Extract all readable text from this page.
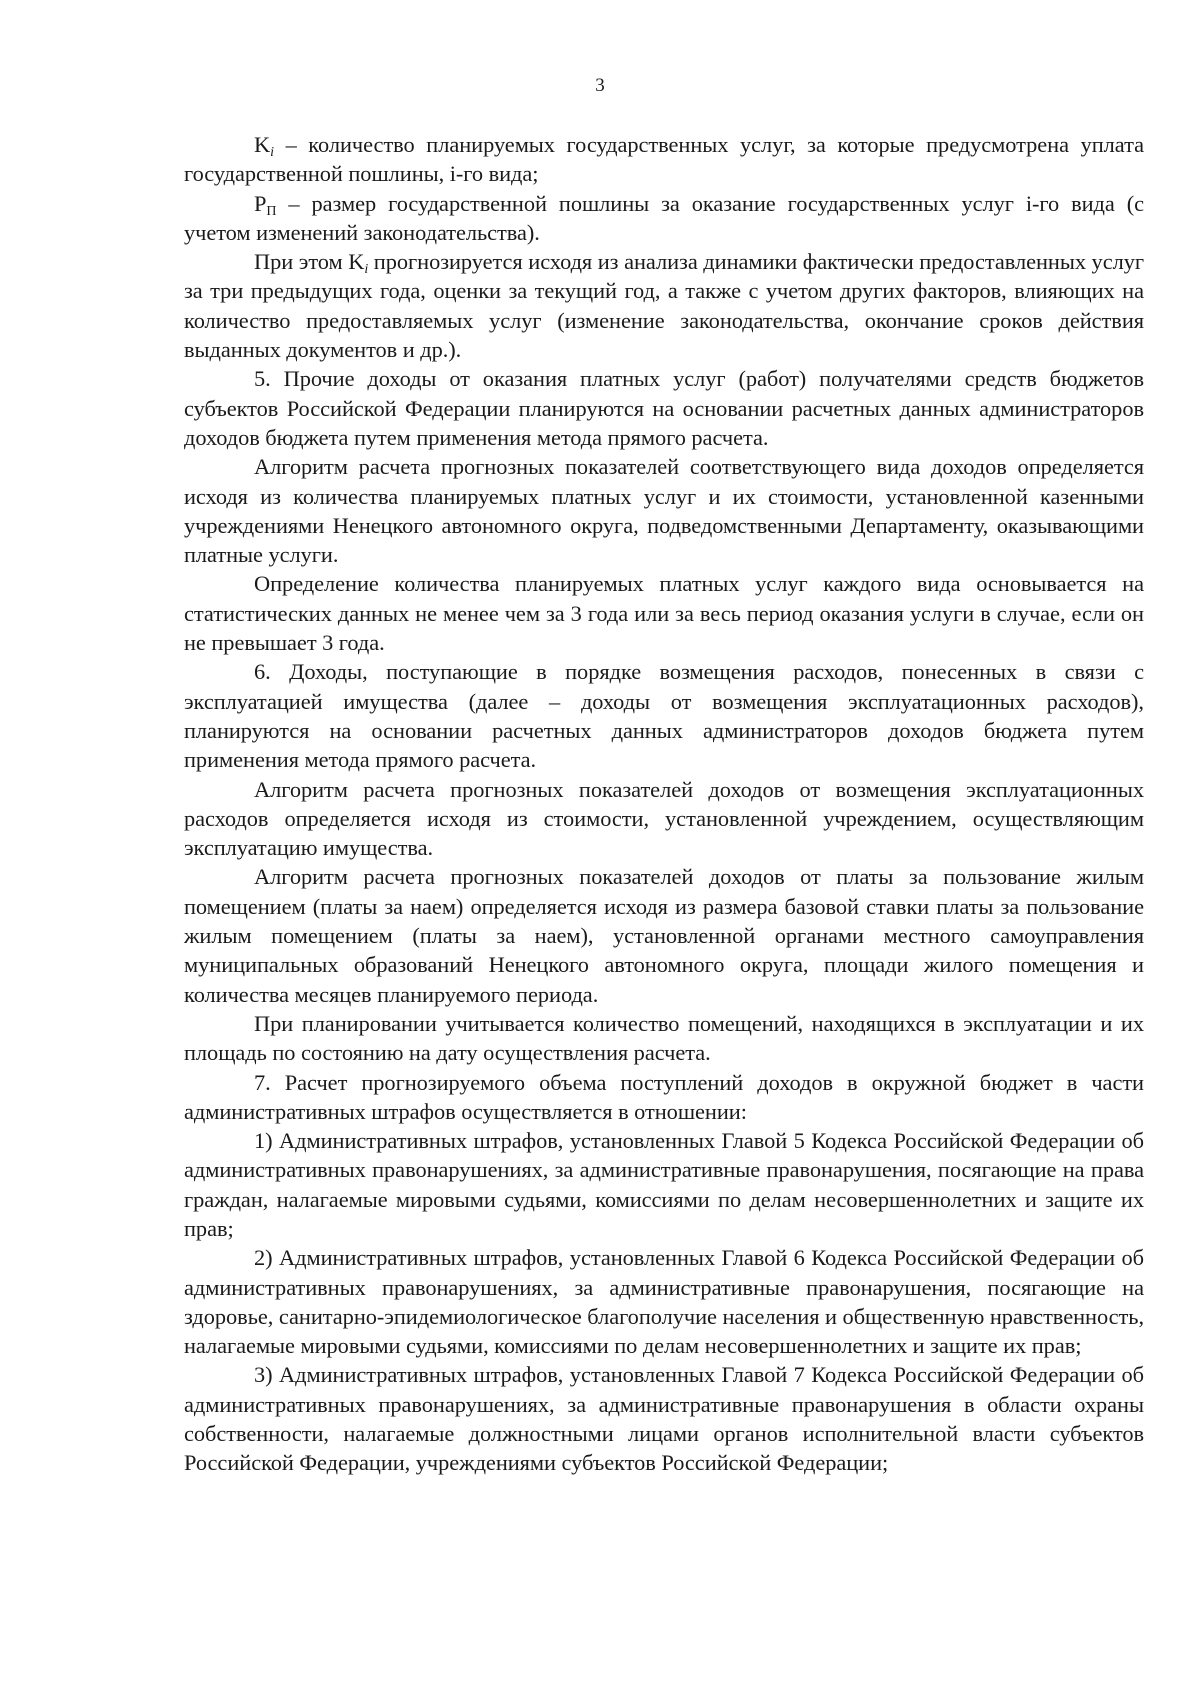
3

$K_i$ – количество планируемых государственных услуг, за которые предусмотрена уплата государственной пошлины, i-го вида;

$P_П$ – размер государственной пошлины за оказание государственных услуг i-го вида (с учетом изменений законодательства).

При этом $K_i$ прогнозируется исходя из анализа динамики фактически предоставленных услуг за три предыдущих года, оценки за текущий год, а также с учетом других факторов, влияющих на количество предоставляемых услуг (изменение законодательства, окончание сроков действия выданных документов и др.).

5. Прочие доходы от оказания платных услуг (работ) получателями средств бюджетов субъектов Российской Федерации планируются на основании расчетных данных администраторов доходов бюджета путем применения метода прямого расчета.

Алгоритм расчета прогнозных показателей соответствующего вида доходов определяется исходя из количества планируемых платных услуг и их стоимости, установленной казенными учреждениями Ненецкого автономного округа, подведомственными Департаменту, оказывающими платные услуги.

Определение количества планируемых платных услуг каждого вида основывается на статистических данных не менее чем за 3 года или за весь период оказания услуги в случае, если он не превышает 3 года.

6. Доходы, поступающие в порядке возмещения расходов, понесенных в связи с эксплуатацией имущества (далее – доходы от возмещения эксплуатационных расходов), планируются на основании расчетных данных администраторов доходов бюджета путем применения метода прямого расчета.

Алгоритм расчета прогнозных показателей доходов от возмещения эксплуатационных расходов определяется исходя из стоимости, установленной учреждением, осуществляющим эксплуатацию имущества.

Алгоритм расчета прогнозных показателей доходов от платы за пользование жилым помещением (платы за наем) определяется исходя из размера базовой ставки платы за пользование жилым помещением (платы за наем), установленной органами местного самоуправления муниципальных образований Ненецкого автономного округа, площади жилого помещения и количества месяцев планируемого периода.

При планировании учитывается количество помещений, находящихся в эксплуатации и их площадь по состоянию на дату осуществления расчета.

7. Расчет прогнозируемого объема поступлений доходов в окружной бюджет в части административных штрафов осуществляется в отношении:

1) Административных штрафов, установленных Главой 5 Кодекса Российской Федерации об административных правонарушениях, за административные правонарушения, посягающие на права граждан, налагаемые мировыми судьями, комиссиями по делам несовершеннолетних и защите их прав;

2) Административных штрафов, установленных Главой 6 Кодекса Российской Федерации об административных правонарушениях, за административные правонарушения, посягающие на здоровье, санитарно-эпидемиологическое благополучие населения и общественную нравственность, налагаемые мировыми судьями, комиссиями по делам несовершеннолетних и защите их прав;

3) Административных штрафов, установленных Главой 7 Кодекса Российской Федерации об административных правонарушениях, за административные правонарушения в области охраны собственности, налагаемые должностными лицами органов исполнительной власти субъектов Российской Федерации, учреждениями субъектов Российской Федерации;
